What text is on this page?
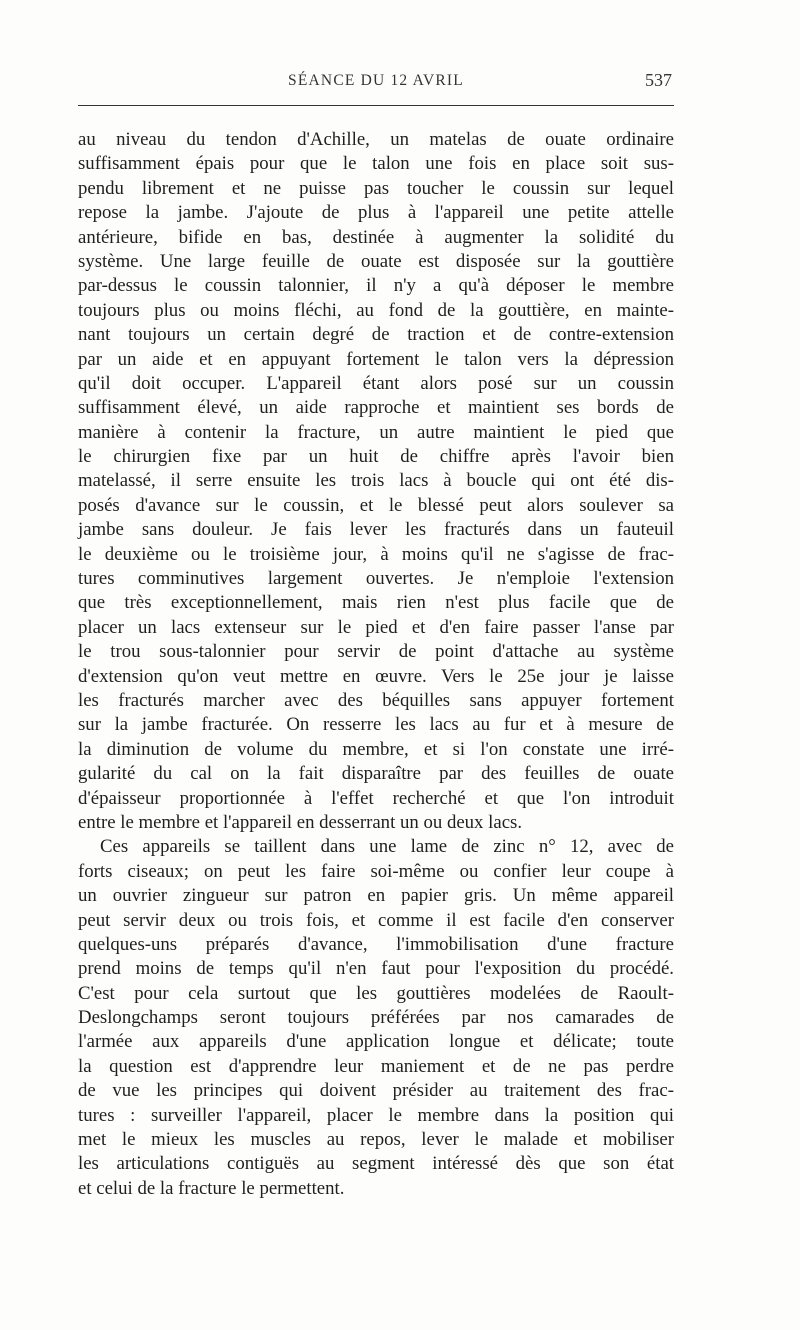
SÉANCE DU 12 AVRIL	537
au niveau du tendon d'Achille, un matelas de ouate ordinaire
suffisamment épais pour que le talon une fois en place soit sus-
pendu librement et ne puisse pas toucher le coussin sur lequel
repose la jambe. J'ajoute de plus à l'appareil une petite attelle
antérieure, bifide en bas, destinée à augmenter la solidité du
système. Une large feuille de ouate est disposée sur la gouttière
par-dessus le coussin talonnier, il n'y a qu'à déposer le membre
toujours plus ou moins fléchi, au fond de la gouttière, en mainte-
nant toujours un certain degré de traction et de contre-extension
par un aide et en appuyant fortement le talon vers la dépression
qu'il doit occuper. L'appareil étant alors posé sur un coussin
suffisamment élevé, un aide rapproche et maintient ses bords de
manière à contenir la fracture, un autre maintient le pied que
le chirurgien fixe par un huit de chiffre après l'avoir bien
matelassé, il serre ensuite les trois lacs à boucle qui ont été dis-
posés d'avance sur le coussin, et le blessé peut alors soulever sa
jambe sans douleur. Je fais lever les fracturés dans un fauteuil
le deuxième ou le troisième jour, à moins qu'il ne s'agisse de frac-
tures comminutives largement ouvertes. Je n'emploie l'extension
que très exceptionnellement, mais rien n'est plus facile que de
placer un lacs extenseur sur le pied et d'en faire passer l'anse par
le trou sous-talonnier pour servir de point d'attache au système
d'extension qu'on veut mettre en œuvre. Vers le 25e jour je laisse
les fracturés marcher avec des béquilles sans appuyer fortement
sur la jambe fracturée. On resserre les lacs au fur et à mesure de
la diminution de volume du membre, et si l'on constate une irré-
gularité du cal on la fait disparaître par des feuilles de ouate
d'épaisseur proportionnée à l'effet recherché et que l'on introduit
entre le membre et l'appareil en desserrant un ou deux lacs.
Ces appareils se taillent dans une lame de zinc n° 12, avec de
forts ciseaux; on peut les faire soi-même ou confier leur coupe à
un ouvrier zingueur sur patron en papier gris. Un même appareil
peut servir deux ou trois fois, et comme il est facile d'en conserver
quelques-uns préparés d'avance, l'immobilisation d'une fracture
prend moins de temps qu'il n'en faut pour l'exposition du procédé.
C'est pour cela surtout que les gouttières modelées de Raoult-
Deslongchamps seront toujours préférées par nos camarades de
l'armée aux appareils d'une application longue et délicate; toute
la question est d'apprendre leur maniement et de ne pas perdre
de vue les principes qui doivent présider au traitement des frac-
tures : surveiller l'appareil, placer le membre dans la position qui
met le mieux les muscles au repos, lever le malade et mobiliser
les articulations contiguës au segment intéressé dès que son état
et celui de la fracture le permettent.
